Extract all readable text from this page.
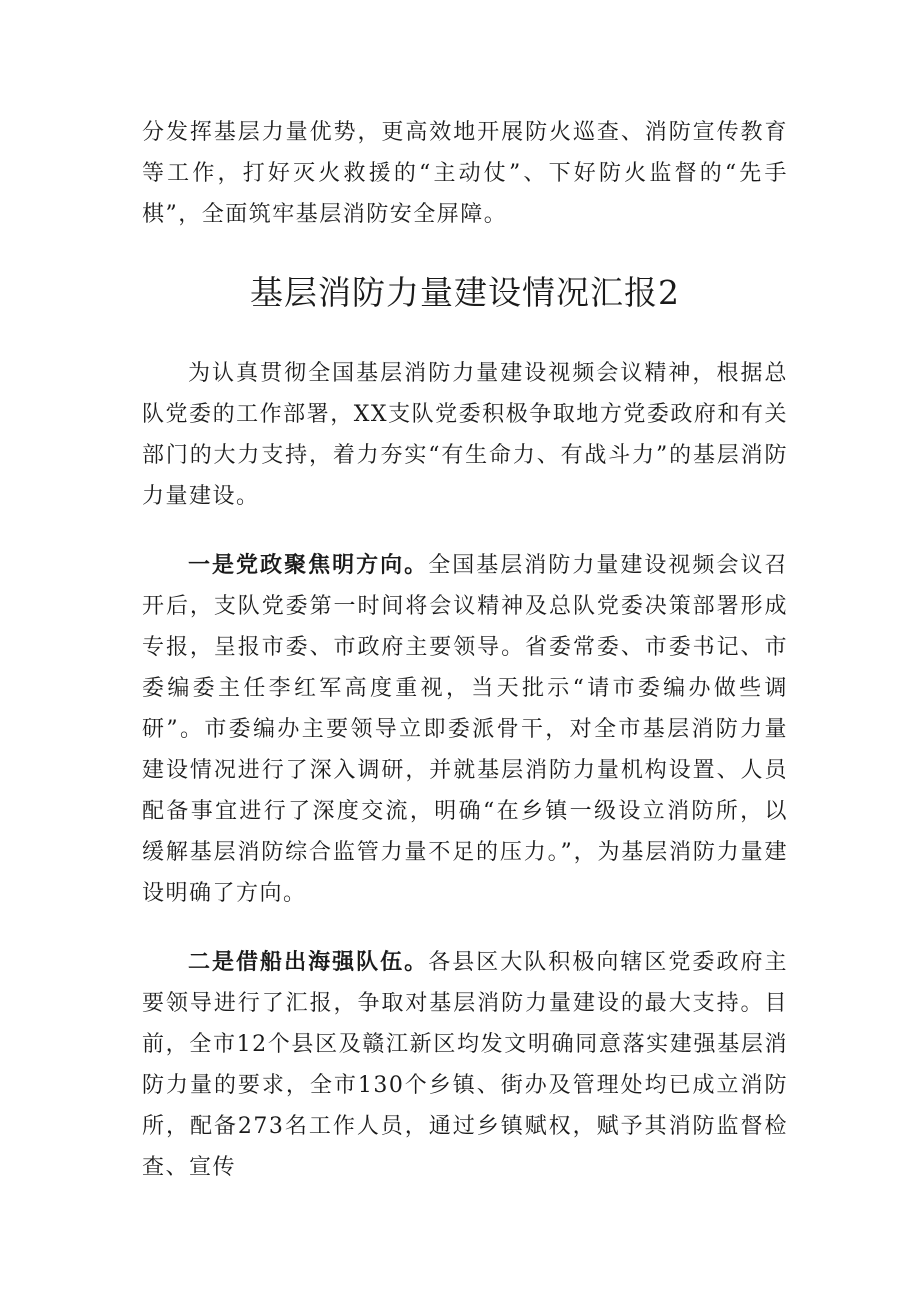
分发挥基层力量优势，更高效地开展防火巡查、消防宣传教育等工作，打好灭火救援的“主动仗”、下好防火监督的“先手棋”，全面筑牢基层消防安全屏障。

基层消防力量建设情况汇报2

为认真贯彻全国基层消防力量建设视频会议精神，根据总队党委的工作部署，XX支队党委积极争取地方党委政府和有关部门的大力支持，着力夯实“有生命力、有战斗力”的基层消防力量建设。

一是党政聚焦明方向。全国基层消防力量建设视频会议召开后，支队党委第一时间将会议精神及总队党委决策部署形成专报，呈报市委、市政府主要领导。省委常委、市委书记、市委编委主任李红军高度重视，当天批示“请市委编办做些调研”。市委编办主要领导立即委派骨干，对全市基层消防力量建设情况进行了深入调研，并就基层消防力量机构设置、人员配备事宜进行了深度交流，明确“在乡镇一级设立消防所，以缓解基层消防综合监管力量不足的压力。”，为基层消防力量建设明确了方向。

二是借船出海强队伍。各县区大队积极向辖区党委政府主要领导进行了汇报，争取对基层消防力量建设的最大支持。目前，全市12个县区及赣江新区均发文明确同意落实建强基层消防力量的要求，全市130个乡镇、街办及管理处均已成立消防所，配备273名工作人员，通过乡镇赋权，赋予其消防监督检查、宣传
